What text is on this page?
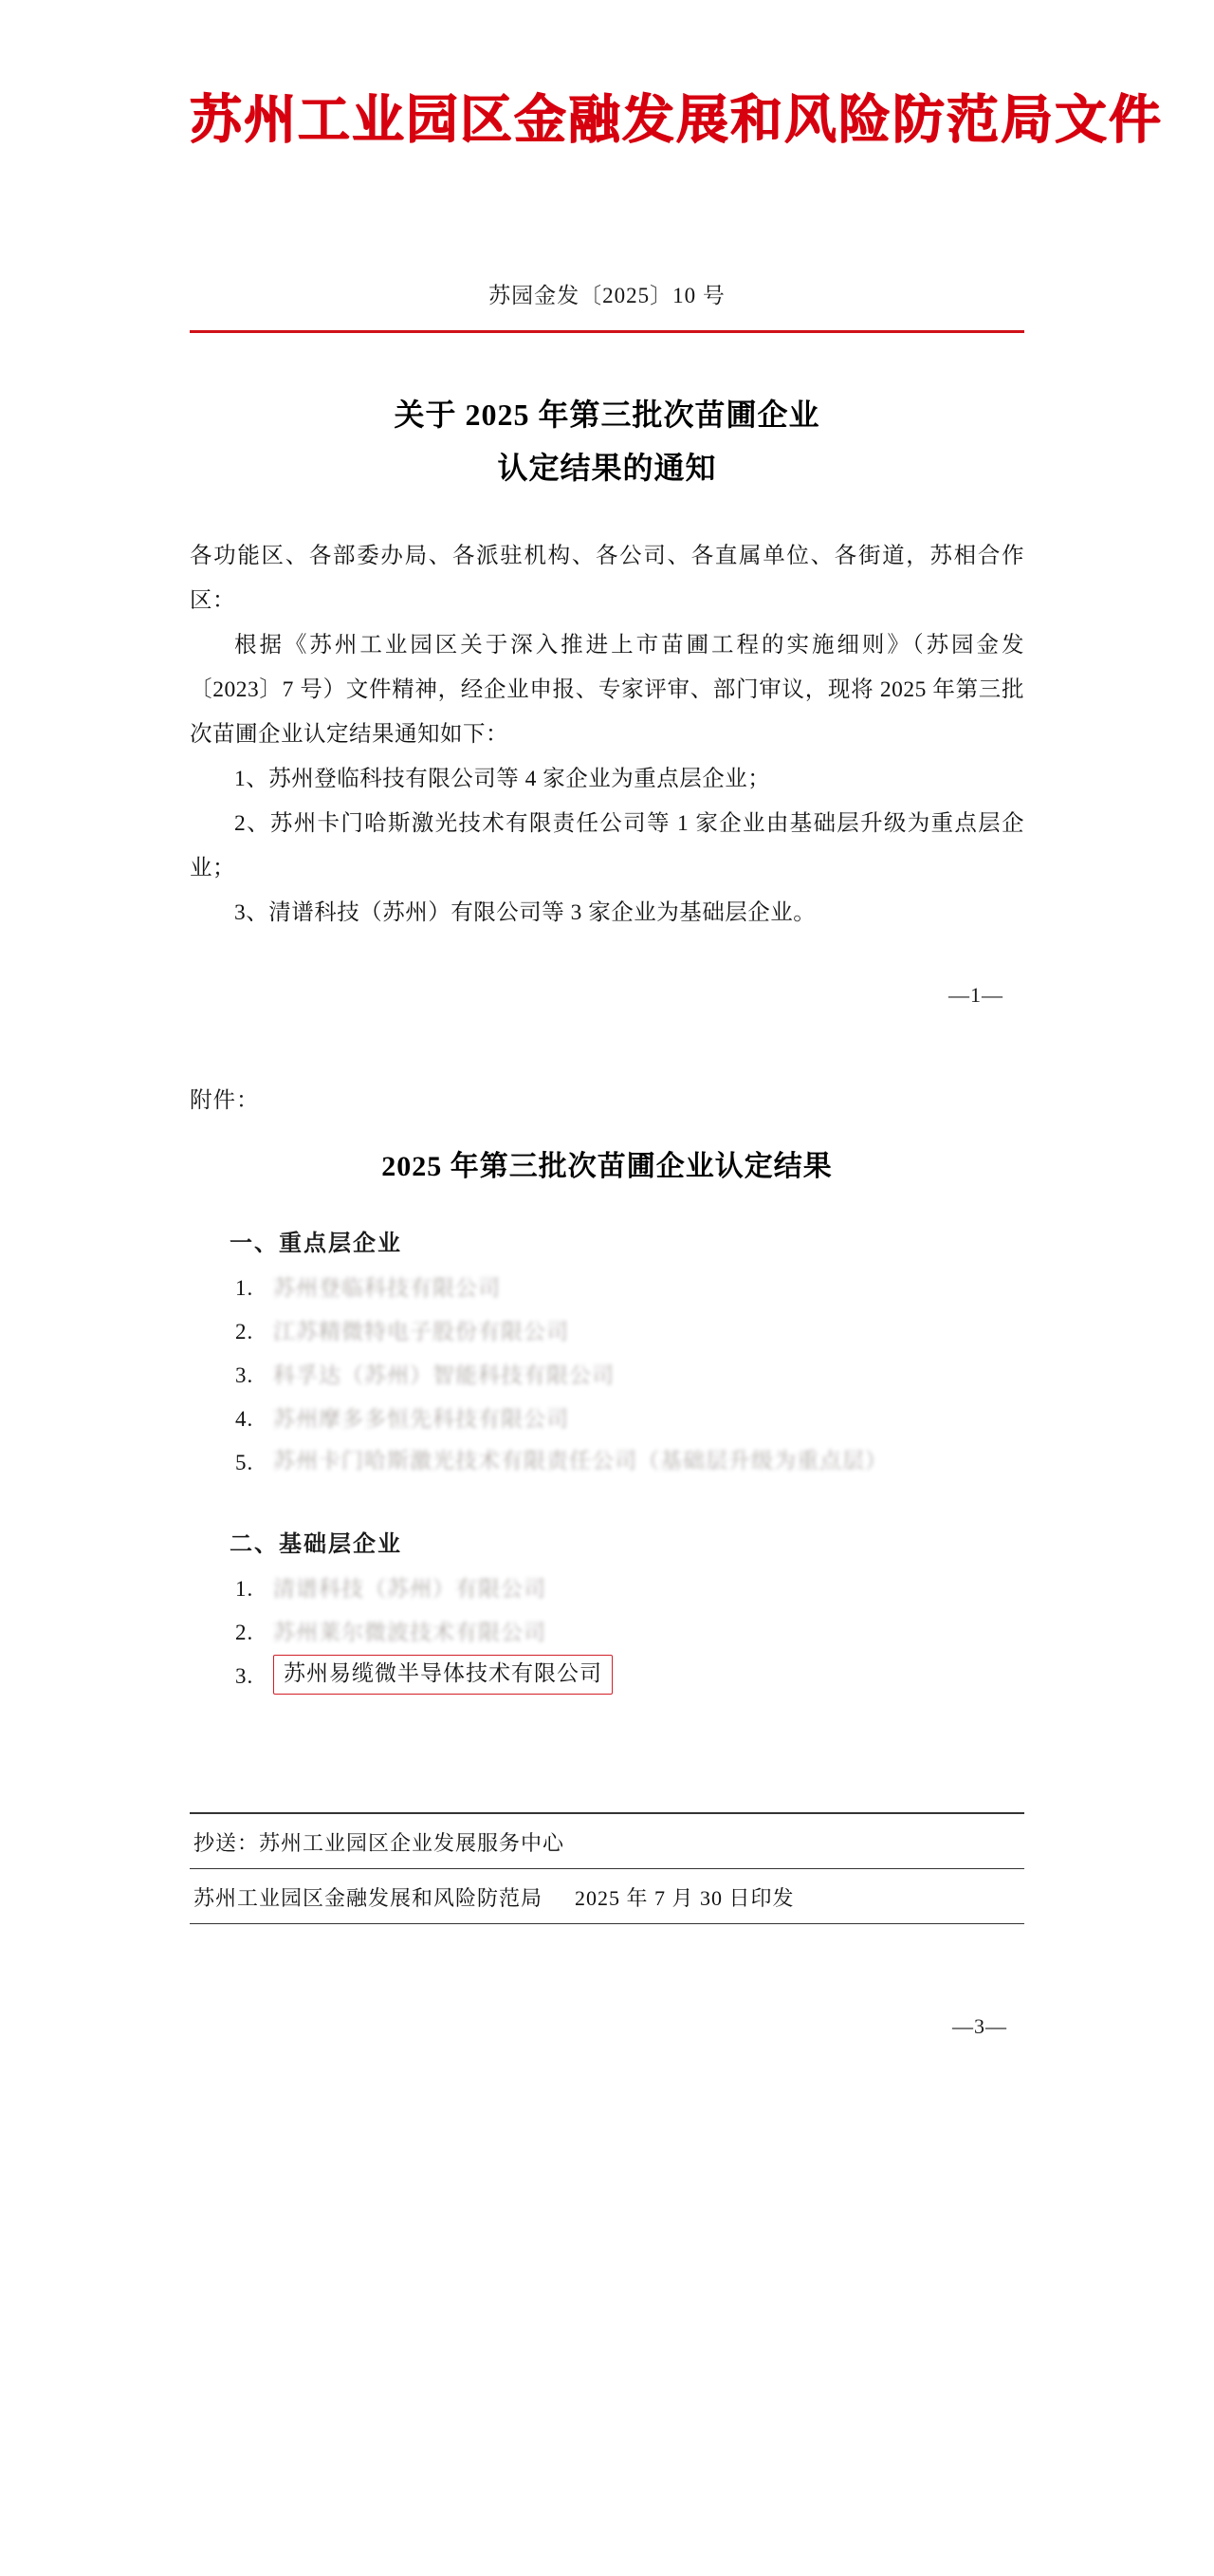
苏州工业园区金融发展和风险防范局文件
苏园金发〔2025〕10 号
关于 2025 年第三批次苗圃企业
认定结果的通知

各功能区、各部委办局、各派驻机构、各公司、各直属单位、各街道，苏相合作区：

根据《苏州工业园区关于深入推进上市苗圃工程的实施细则》（苏园金发〔2023〕7 号）文件精神，经企业申报、专家评审、部门审议，现将 2025 年第三批次苗圃企业认定结果通知如下：

1、苏州登临科技有限公司等 4 家企业为重点层企业；

2、苏州卡门哈斯激光技术有限责任公司等 1 家企业由基础层升级为重点层企业；

3、清谱科技（苏州）有限公司等 3 家企业为基础层企业。

—1—
附件：
2025 年第三批次苗圃企业认定结果
一、重点层企业
1. 苏州登临科技有限公司
2. 江苏精微特电子股份有限公司
3. 科孚达（苏州）智能科技有限公司
4. 苏州摩多多恒先科技有限公司
5. 苏州卡门哈斯激光技术有限责任公司（基础层升级为重点层）
二、基础层企业
1. 清谱科技（苏州）有限公司
2. 苏州莱尔微波技术有限公司
3.	苏州易缆微半导体技术有限公司
抄送：苏州工业园区企业发展服务中心
苏州工业园区金融发展和风险防范局 2025 年 7 月 30 日印发
—3—
